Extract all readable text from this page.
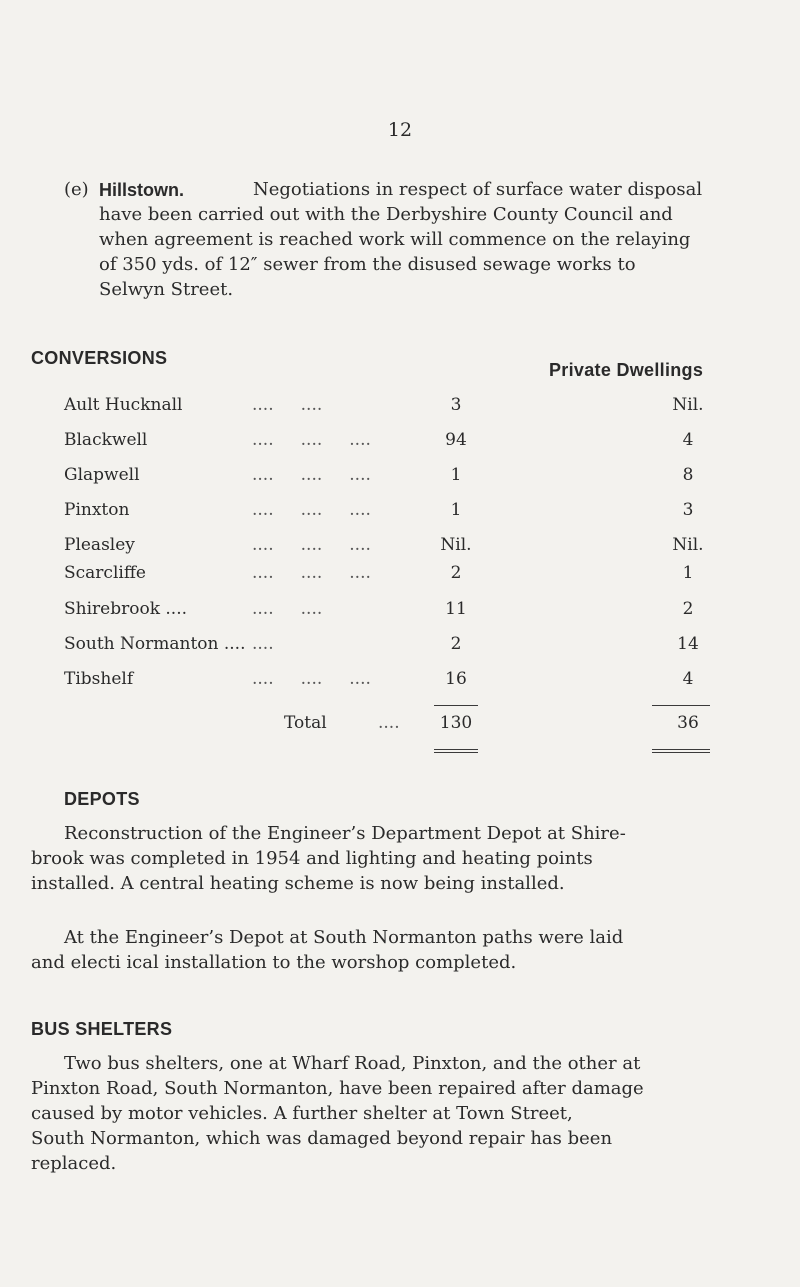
12
(e) Hillstown.	Negotiations in respect of surface water disposal
have been carried out with the Derbyshire County Council and
when agreement is reached work will commence on the relaying
of 350 yds. of 12″ sewer from the disused sewage works to
Selwyn Street.
CONVERSIONS
Private Dwellings
Ault Hucknall	....     ....	3	Nil.
Blackwell	....     ....     ....	94	4
Glapwell	....     ....     ....	1	8
Pinxton	....     ....     ....	1	3
Pleasley	....     ....     ....	Nil.	Nil.
Scarcliffe	....     ....     ....	2	1
Shirebrook ....	....     ....	11	2
South Normanton .... ....	2	14
Tibshelf	....     ....     ....	16	4
Total	.... 130	36
DEPOTS
Reconstruction of the Engineer’s Department Depot at Shire-
brook was completed in 1954 and lighting and heating points
installed. A central heating scheme is now being installed.
At the Engineer’s Depot at South Normanton paths were laid
and electi ical installation to the worshop completed.
BUS SHELTERS
Two bus shelters, one at Wharf Road, Pinxton, and the other at
Pinxton Road, South Normanton, have been repaired after damage
caused by motor vehicles. A further shelter at Town Street,
South Normanton, which was damaged beyond repair has been
replaced.
